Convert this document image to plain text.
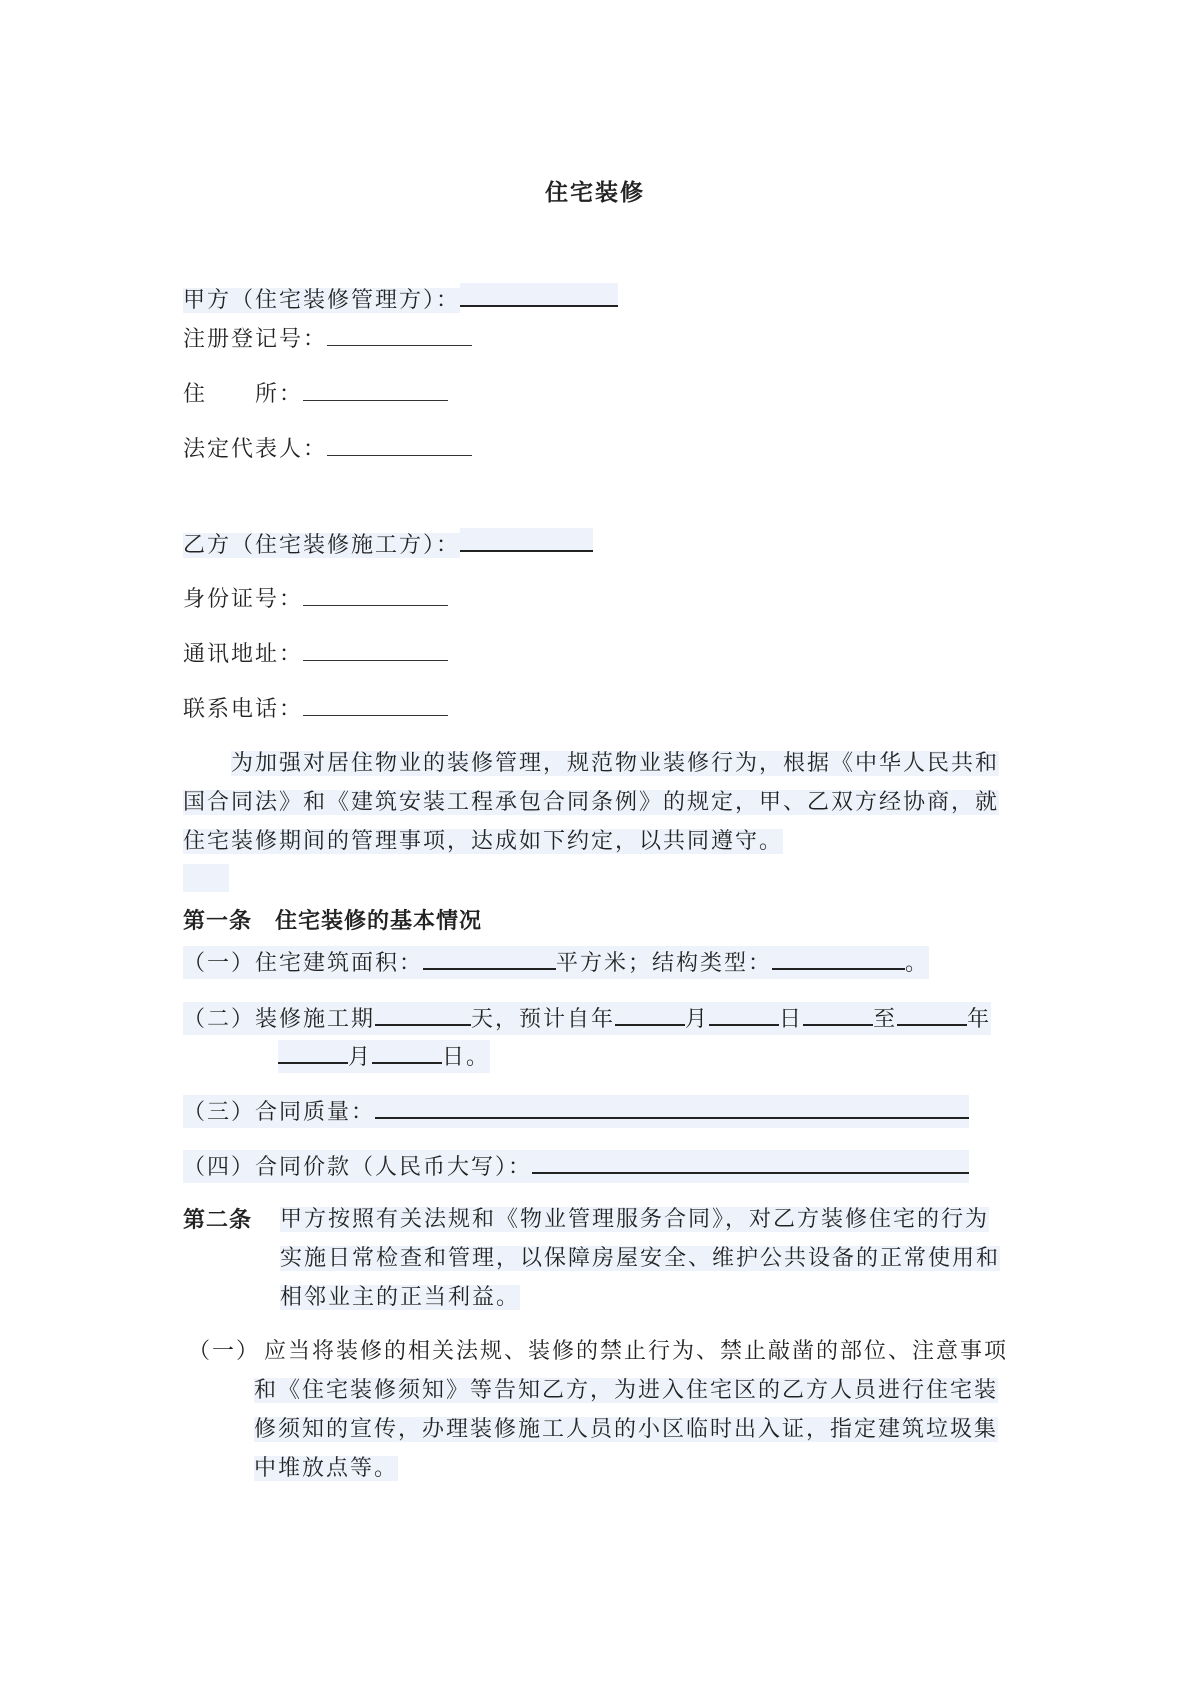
住宅装修
甲方（住宅装修管理方）：
注册登记号：
住　　所：
法定代表人：
乙方（住宅装修施工方）：
身份证号：
通讯地址：
联系电话：
为加强对居住物业的装修管理，规范物业装修行为，根据《中华人民共和国合同法》和《建筑安装工程承包合同条例》的规定，甲、乙双方经协商，就住宅装修期间的管理事项，达成如下约定，以共同遵守。
第一条　住宅装修的基本情况
（一）住宅建筑面积：	平方米；结构类型：	。
（二）装修施工期	天，预计自年	月	日	至	年
月	日。
（三）合同质量：
（四）合同价款（人民币大写）：
第二条 甲方按照有关法规和《物业管理服务合同》，对乙方装修住宅的行为
实施日常检查和管理，以保障房屋安全、维护公共设备的正常使用和
相邻业主的正当利益。
（一） 应当将装修的相关法规、装修的禁止行为、禁止敲凿的部位、注意事项
和《住宅装修须知》等告知乙方，为进入住宅区的乙方人员进行住宅装
修须知的宣传，办理装修施工人员的小区临时出入证，指定建筑垃圾集
中堆放点等。
